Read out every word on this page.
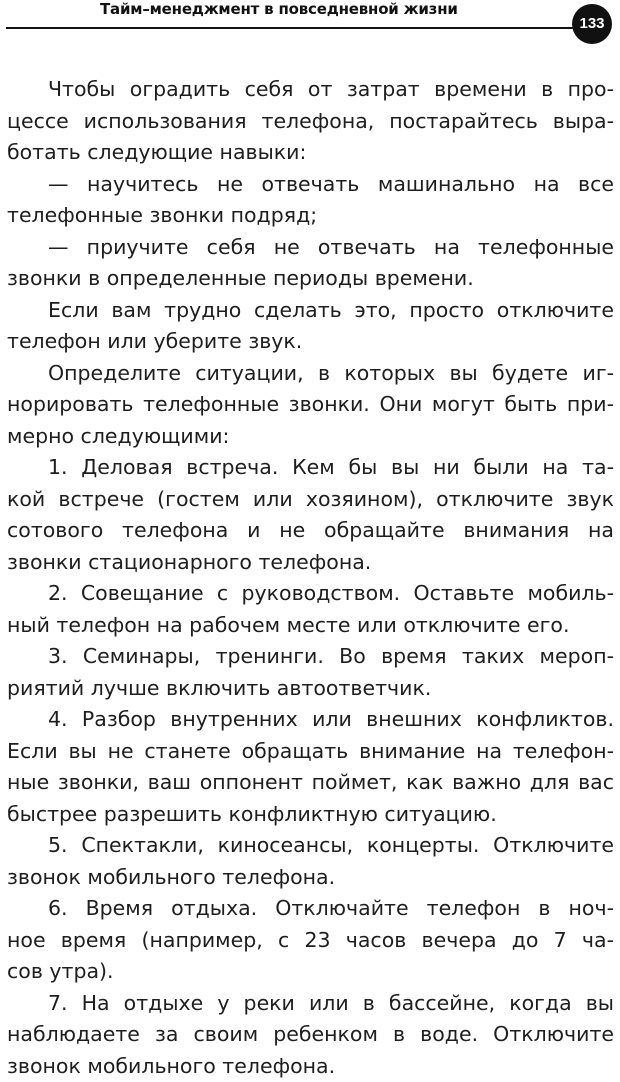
Тайм–менеджмент в повседневной жизни
133
Чтобы оградить себя от затрат времени в про-
цессе использования телефона, постарайтесь выра-
ботать следующие навыки:
— научитесь не отвечать машинально на все
телефонные звонки подряд;
— приучите себя не отвечать на телефонные
звонки в определенные периоды времени.
Если вам трудно сделать это, просто отключите
телефон или уберите звук.
Определите ситуации, в которых вы будете иг-
норировать телефонные звонки. Они могут быть при-
мерно следующими:
1. Деловая встреча. Кем бы вы ни были на та-
кой встрече (гостем или хозяином), отключите звук
сотового телефона и не обращайте внимания на
звонки стационарного телефона.
2. Совещание с руководством. Оставьте мобиль-
ный телефон на рабочем месте или отключите его.
3. Семинары, тренинги. Во время таких мероп-
риятий лучше включить автоответчик.
4. Разбор внутренних или внешних конфликтов.
Если вы не станете обращать внимание на телефон-
ные звонки, ваш оппонент поймет, как важно для вас
быстрее разрешить конфликтную ситуацию.
5. Спектакли, киносеансы, концерты. Отключите
звонок мобильного телефона.
6. Время отдыха. Отключайте телефон в ноч-
ное время (например, с 23 часов вечера до 7 ча-
сов утра).
7. На отдыхе у реки или в бассейне, когда вы
наблюдаете за своим ребенком в воде. Отключите
звонок мобильного телефона.
